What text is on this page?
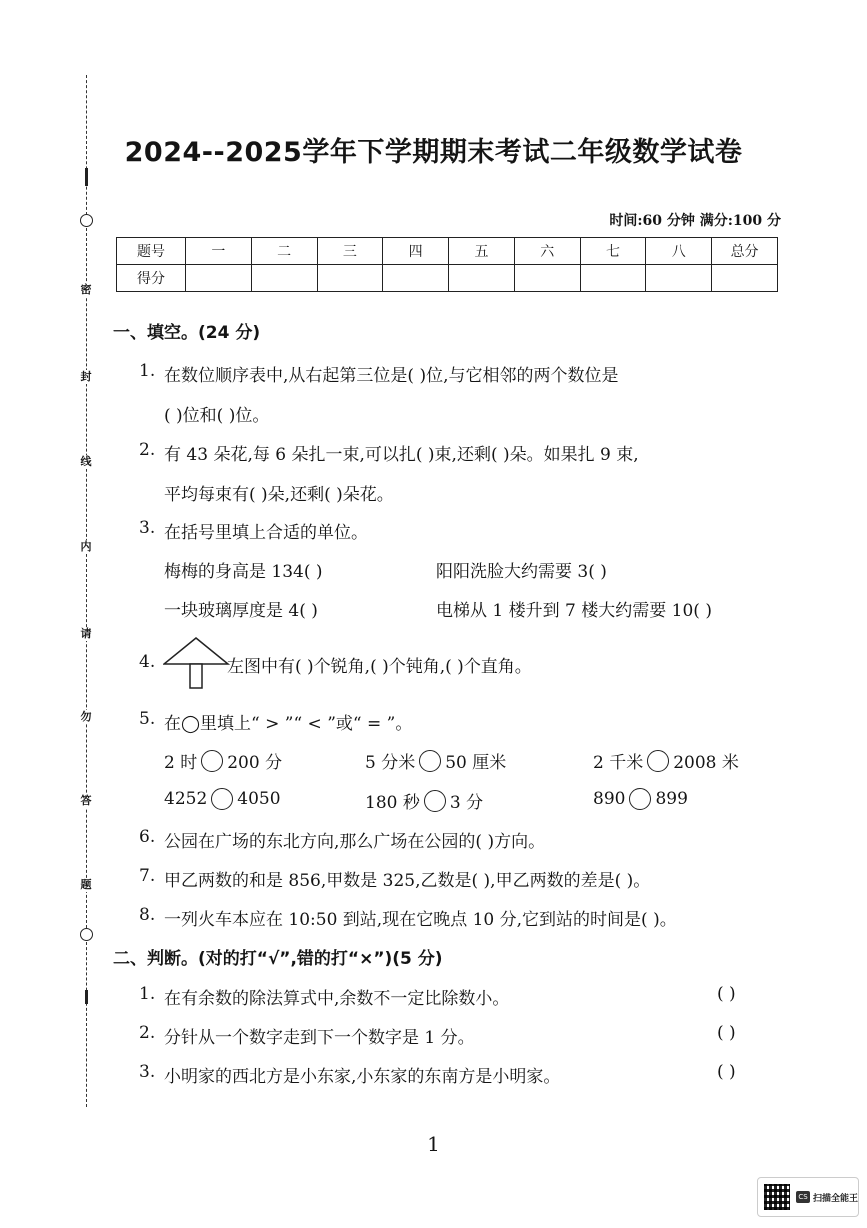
密
封
线
内
请
勿
答
题
2024--2025学年下学期期末考试二年级数学试卷
时间:60 分钟 满分:100 分
题号	一	二	三	四	五	六	七	八	总分
得分									
一、填空。(24 分)
1. 在数位顺序表中,从右起第三位是( )位,与它相邻的两个数位是
( )位和( )位。
2. 有 43 朵花,每 6 朵扎一束,可以扎( )束,还剩( )朵。如果扎 9 束,
平均每束有( )朵,还剩( )朵花。
3. 在括号里填上合适的单位。
梅梅的身高是 134( )	阳阳洗脸大约需要 3( )
一块玻璃厚度是 4( )	电梯从 1 楼升到 7 楼大约需要 10( )
4.	左图中有( )个锐角,( )个钝角,( )个直角。
5. 在◯里填上“ > ”“ < ”或“ = ”。
2 时 200 分	5 分米 50 厘米	2 千米 2008 米
4252 4050	180 秒 3 分	890 899
6. 公园在广场的东北方向,那么广场在公园的( )方向。
7. 甲乙两数的和是 856,甲数是 325,乙数是( ),甲乙两数的差是( )。
8. 一列火车本应在 10:50 到站,现在它晚点 10 分,它到站的时间是( )。
二、判断。(对的打“√”,错的打“×”)(5 分)
1. 在有余数的除法算式中,余数不一定比除数小。	( )
2. 分针从一个数字走到下一个数字是 1 分。	( )
3. 小明家的西北方是小东家,小东家的东南方是小明家。	( )
1
CS 扫描全能王
